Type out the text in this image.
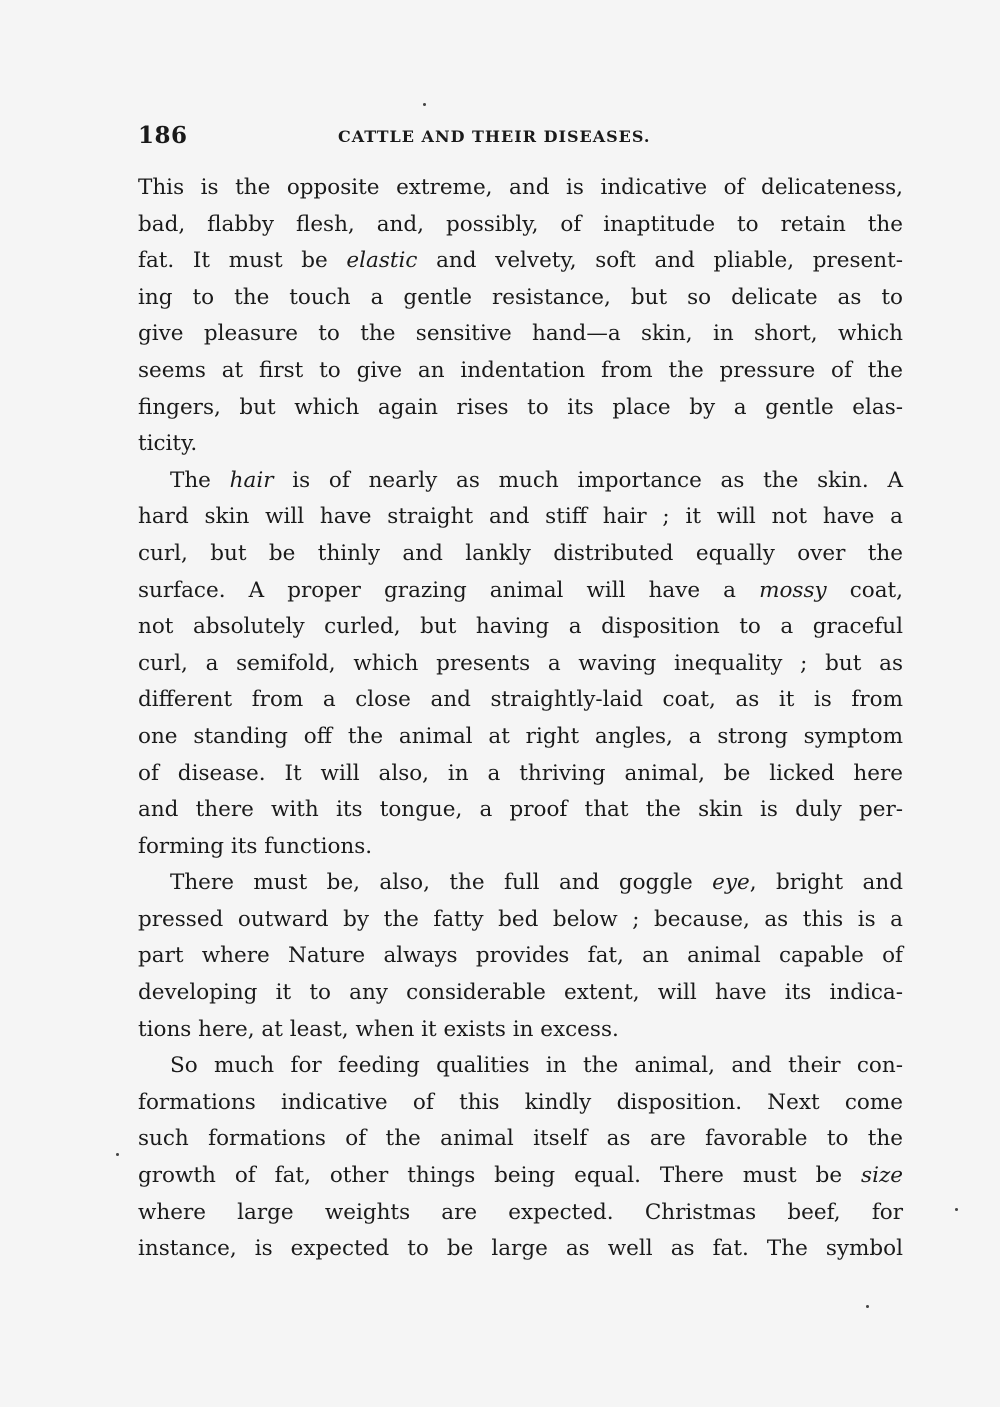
186	CATTLE AND THEIR DISEASES.
This is the opposite extreme, and is indicative of delicateness,
bad, flabby flesh, and, possibly, of inaptitude to retain the
fat. It must be elastic and velvety, soft and pliable, present-
ing to the touch a gentle resistance, but so delicate as to
give pleasure to the sensitive hand—a skin, in short, which
seems at first to give an indentation from the pressure of the
fingers, but which again rises to its place by a gentle elas-
ticity.
The hair is of nearly as much importance as the skin. A
hard skin will have straight and stiff hair ; it will not have a
curl, but be thinly and lankly distributed equally over the
surface. A proper grazing animal will have a mossy coat,
not absolutely curled, but having a disposition to a graceful
curl, a semifold, which presents a waving inequality ; but as
different from a close and straightly-laid coat, as it is from
one standing off the animal at right angles, a strong symptom
of disease. It will also, in a thriving animal, be licked here
and there with its tongue, a proof that the skin is duly per-
forming its functions.
There must be, also, the full and goggle eye, bright and
pressed outward by the fatty bed below ; because, as this is a
part where Nature always provides fat, an animal capable of
developing it to any considerable extent, will have its indica-
tions here, at least, when it exists in excess.
So much for feeding qualities in the animal, and their con-
formations indicative of this kindly disposition. Next come
such formations of the animal itself as are favorable to the
growth of fat, other things being equal. There must be size
where large weights are expected. Christmas beef, for
instance, is expected to be large as well as fat. The symbol
